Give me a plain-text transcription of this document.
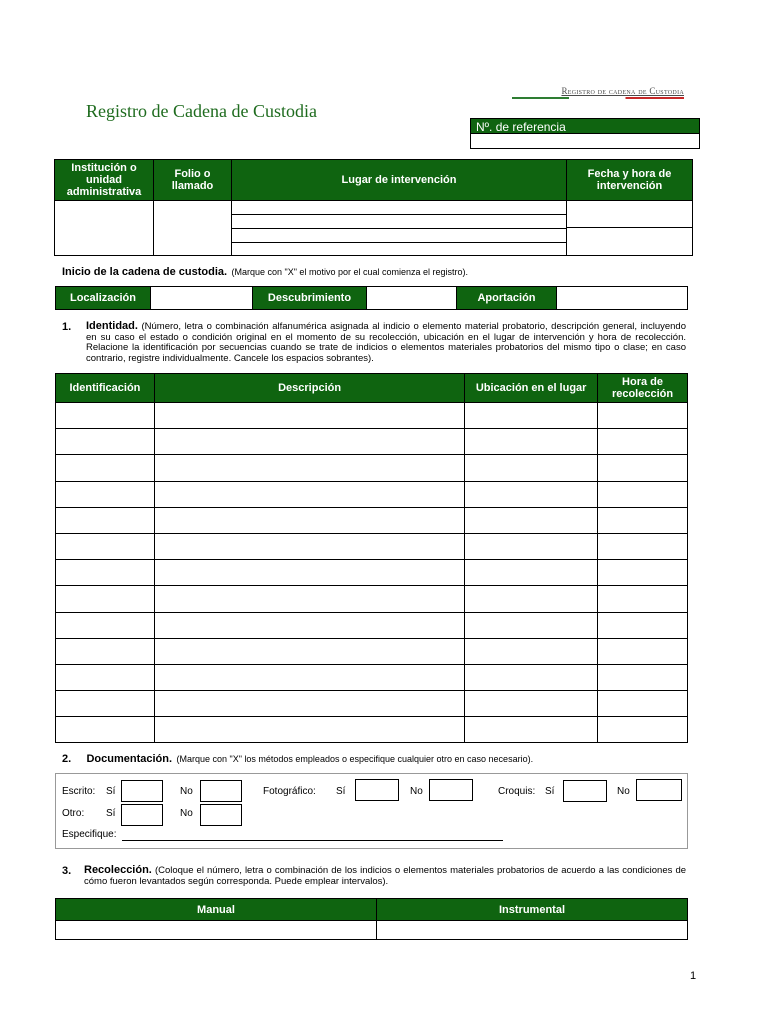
Registro de cadena de Custodia
Registro de Cadena de Custodia
Nº. de referencia
Institución o unidad administrativa	Folio o llamado	Lugar de intervención	Fecha y hora de intervención

Inicio de la cadena de custodia. (Marque con "X" el motivo por el cual comienza el registro).
Localización		Descubrimiento		Aportación	
1.	Identidad. (Número, letra o combinación alfanumérica asignada al indicio o elemento material probatorio, descripción general, incluyendo en su caso el estado o condición original en el momento de su recolección, ubicación en el lugar de intervención y hora de recolección. Relacione la identificación por secuencias cuando se trate de indicios o elementos materiales probatorios del mismo tipo o clase; en caso contrario, registre individualmente. Cancele los espacios sobrantes).
Identificación	Descripción	Ubicación en el lugar	Hora de recolección

2. Documentación. (Marque con "X" los métodos empleados o especifique cualquier otro en caso necesario).
Escrito: Sí	No	Fotográfico: Sí	No	Croquis: Sí	No
Otro: Sí	No
Especifique:
3.	Recolección. (Coloque el número, letra o combinación de los indicios o elementos materiales probatorios de acuerdo a las condiciones de cómo fueron levantados según corresponda. Puede emplear intervalos).
Manual	Instrumental

1
